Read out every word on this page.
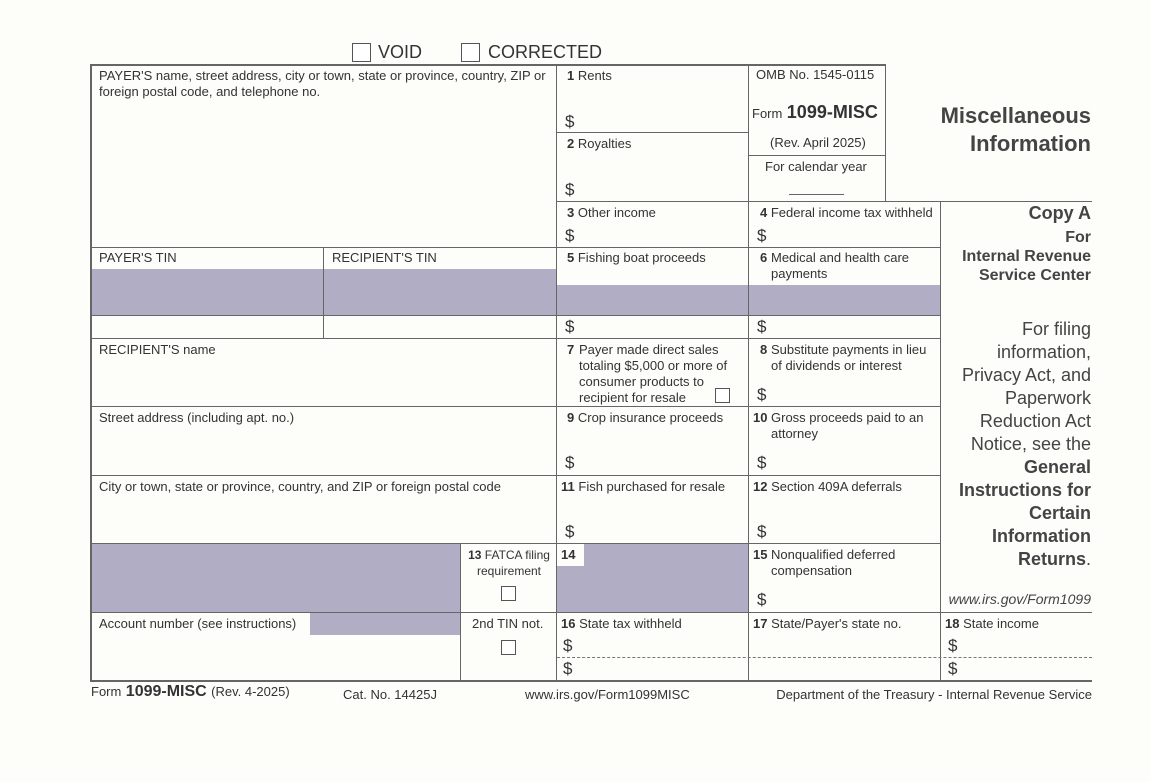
VOID	CORRECTED
PAYER'S name, street address, city or town, state or province, country, ZIP or foreign postal code, and telephone no.
PAYER'S TIN	RECIPIENT'S TIN
RECIPIENT'S name
Street address (including apt. no.)
City or town, state or province, country, and ZIP or foreign postal code
13 FATCA filing requirement
14
Account number (see instructions)	2nd TIN not.
1 Rents
$
2 Royalties
$
3 Other income
$
5 Fishing boat proceeds
$
7 Payer made direct sales totaling $5,000 or more of consumer products to recipient for resale
9 Crop insurance proceeds
$
11 Fish purchased for resale
$
16 State tax withheld
$
$
OMB No. 1545-0115
Form 1099-MISC
(Rev. April 2025)
For calendar year
4 Federal income tax withheld
$
6 Medical and health care payments
$
8 Substitute payments in lieu of dividends or interest
$
10 Gross proceeds paid to an attorney
$
12 Section 409A deferrals
$
15 Nonqualified deferred compensation
$
17 State/Payer's state no.
Miscellaneous
Information
Copy A
For
Internal Revenue
Service Center
For filing
information,
Privacy Act, and
Paperwork
Reduction Act
Notice, see the
General
Instructions for
Certain
Information
Returns.
www.irs.gov/Form1099
18 State income
$
$
Form 1099-MISC (Rev. 4-2025)	Cat. No. 14425J	www.irs.gov/Form1099MISC	Department of the Treasury - Internal Revenue Service
